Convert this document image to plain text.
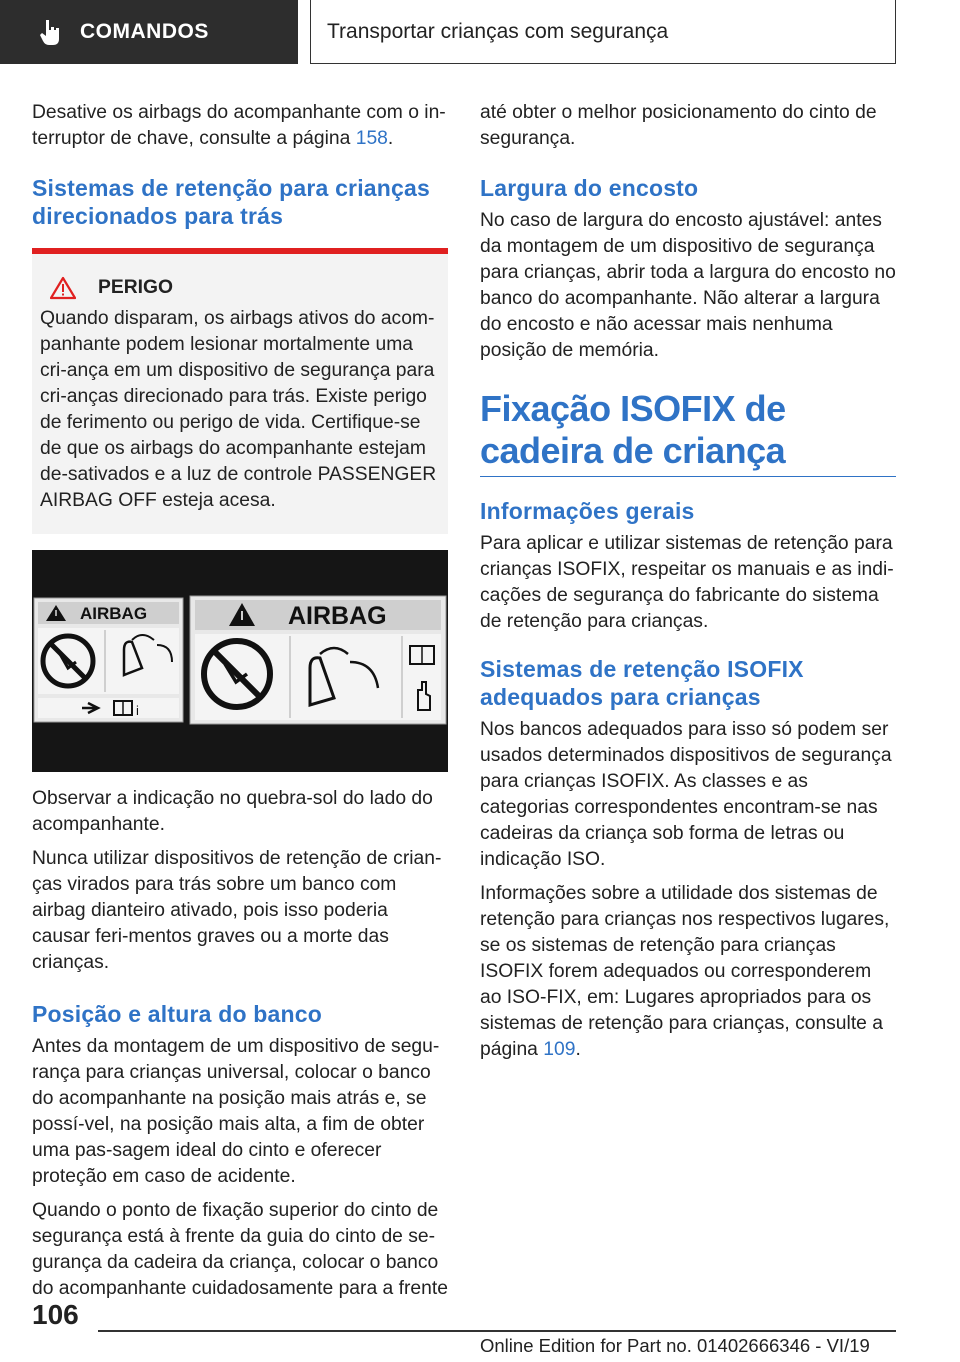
COMANDOS	Transportar crianças com segurança

Desative os airbags do acompanhante com o in-terruptor de chave, consulte a página 158.

Sistemas de retenção para crianças direcionados para trás
PERIGO

Quando disparam, os airbags ativos do acom-panhante podem lesionar mortalmente uma cri-ança em um dispositivo de segurança para cri-anças direcionado para trás. Existe perigo de ferimento ou perigo de vida. Certifique-se de que os airbags do acompanhante estejam de-sativados e a luz de controle PASSENGER AIRBAG OFF esteja acesa.

AIRBAG
i
AIRBAG

Observar a indicação no quebra-sol do lado do acompanhante.

Nunca utilizar dispositivos de retenção de crian-ças virados para trás sobre um banco com airbag dianteiro ativado, pois isso poderia causar feri-mentos graves ou a morte das crianças.

Posição e altura do banco

Antes da montagem de um dispositivo de segu-rança para crianças universal, colocar o banco do acompanhante na posição mais atrás e, se possí-vel, na posição mais alta, a fim de obter uma pas-sagem ideal do cinto e oferecer proteção em caso de acidente.

Quando o ponto de fixação superior do cinto de segurança está à frente da guia do cinto de se-gurança da cadeira da criança, colocar o banco do acompanhante cuidadosamente para a frente

até obter o melhor posicionamento do cinto de segurança.

Largura do encosto

No caso de largura do encosto ajustável: antes da montagem de um dispositivo de segurança para crianças, abrir toda a largura do encosto no banco do acompanhante. Não alterar a largura do encosto e não acessar mais nenhuma posição de memória.

Fixação ISOFIX de cadeira de criança
Informações gerais

Para aplicar e utilizar sistemas de retenção para crianças ISOFIX, respeitar os manuais e as indi-cações de segurança do fabricante do sistema de retenção para crianças.

Sistemas de retenção ISOFIX adequados para crianças

Nos bancos adequados para isso só podem ser usados determinados dispositivos de segurança para crianças ISOFIX. As classes e as categorias correspondentes encontram-se nas cadeiras da criança sob forma de letras ou indicação ISO.

Informações sobre a utilidade dos sistemas de retenção para crianças nos respectivos lugares, se os sistemas de retenção para crianças ISOFIX forem adequados ou corresponderem ao ISO-FIX, em: Lugares apropriados para os sistemas de retenção para crianças, consulte a página 109.

106
Online Edition for Part no. 01402666346 - VI/19
